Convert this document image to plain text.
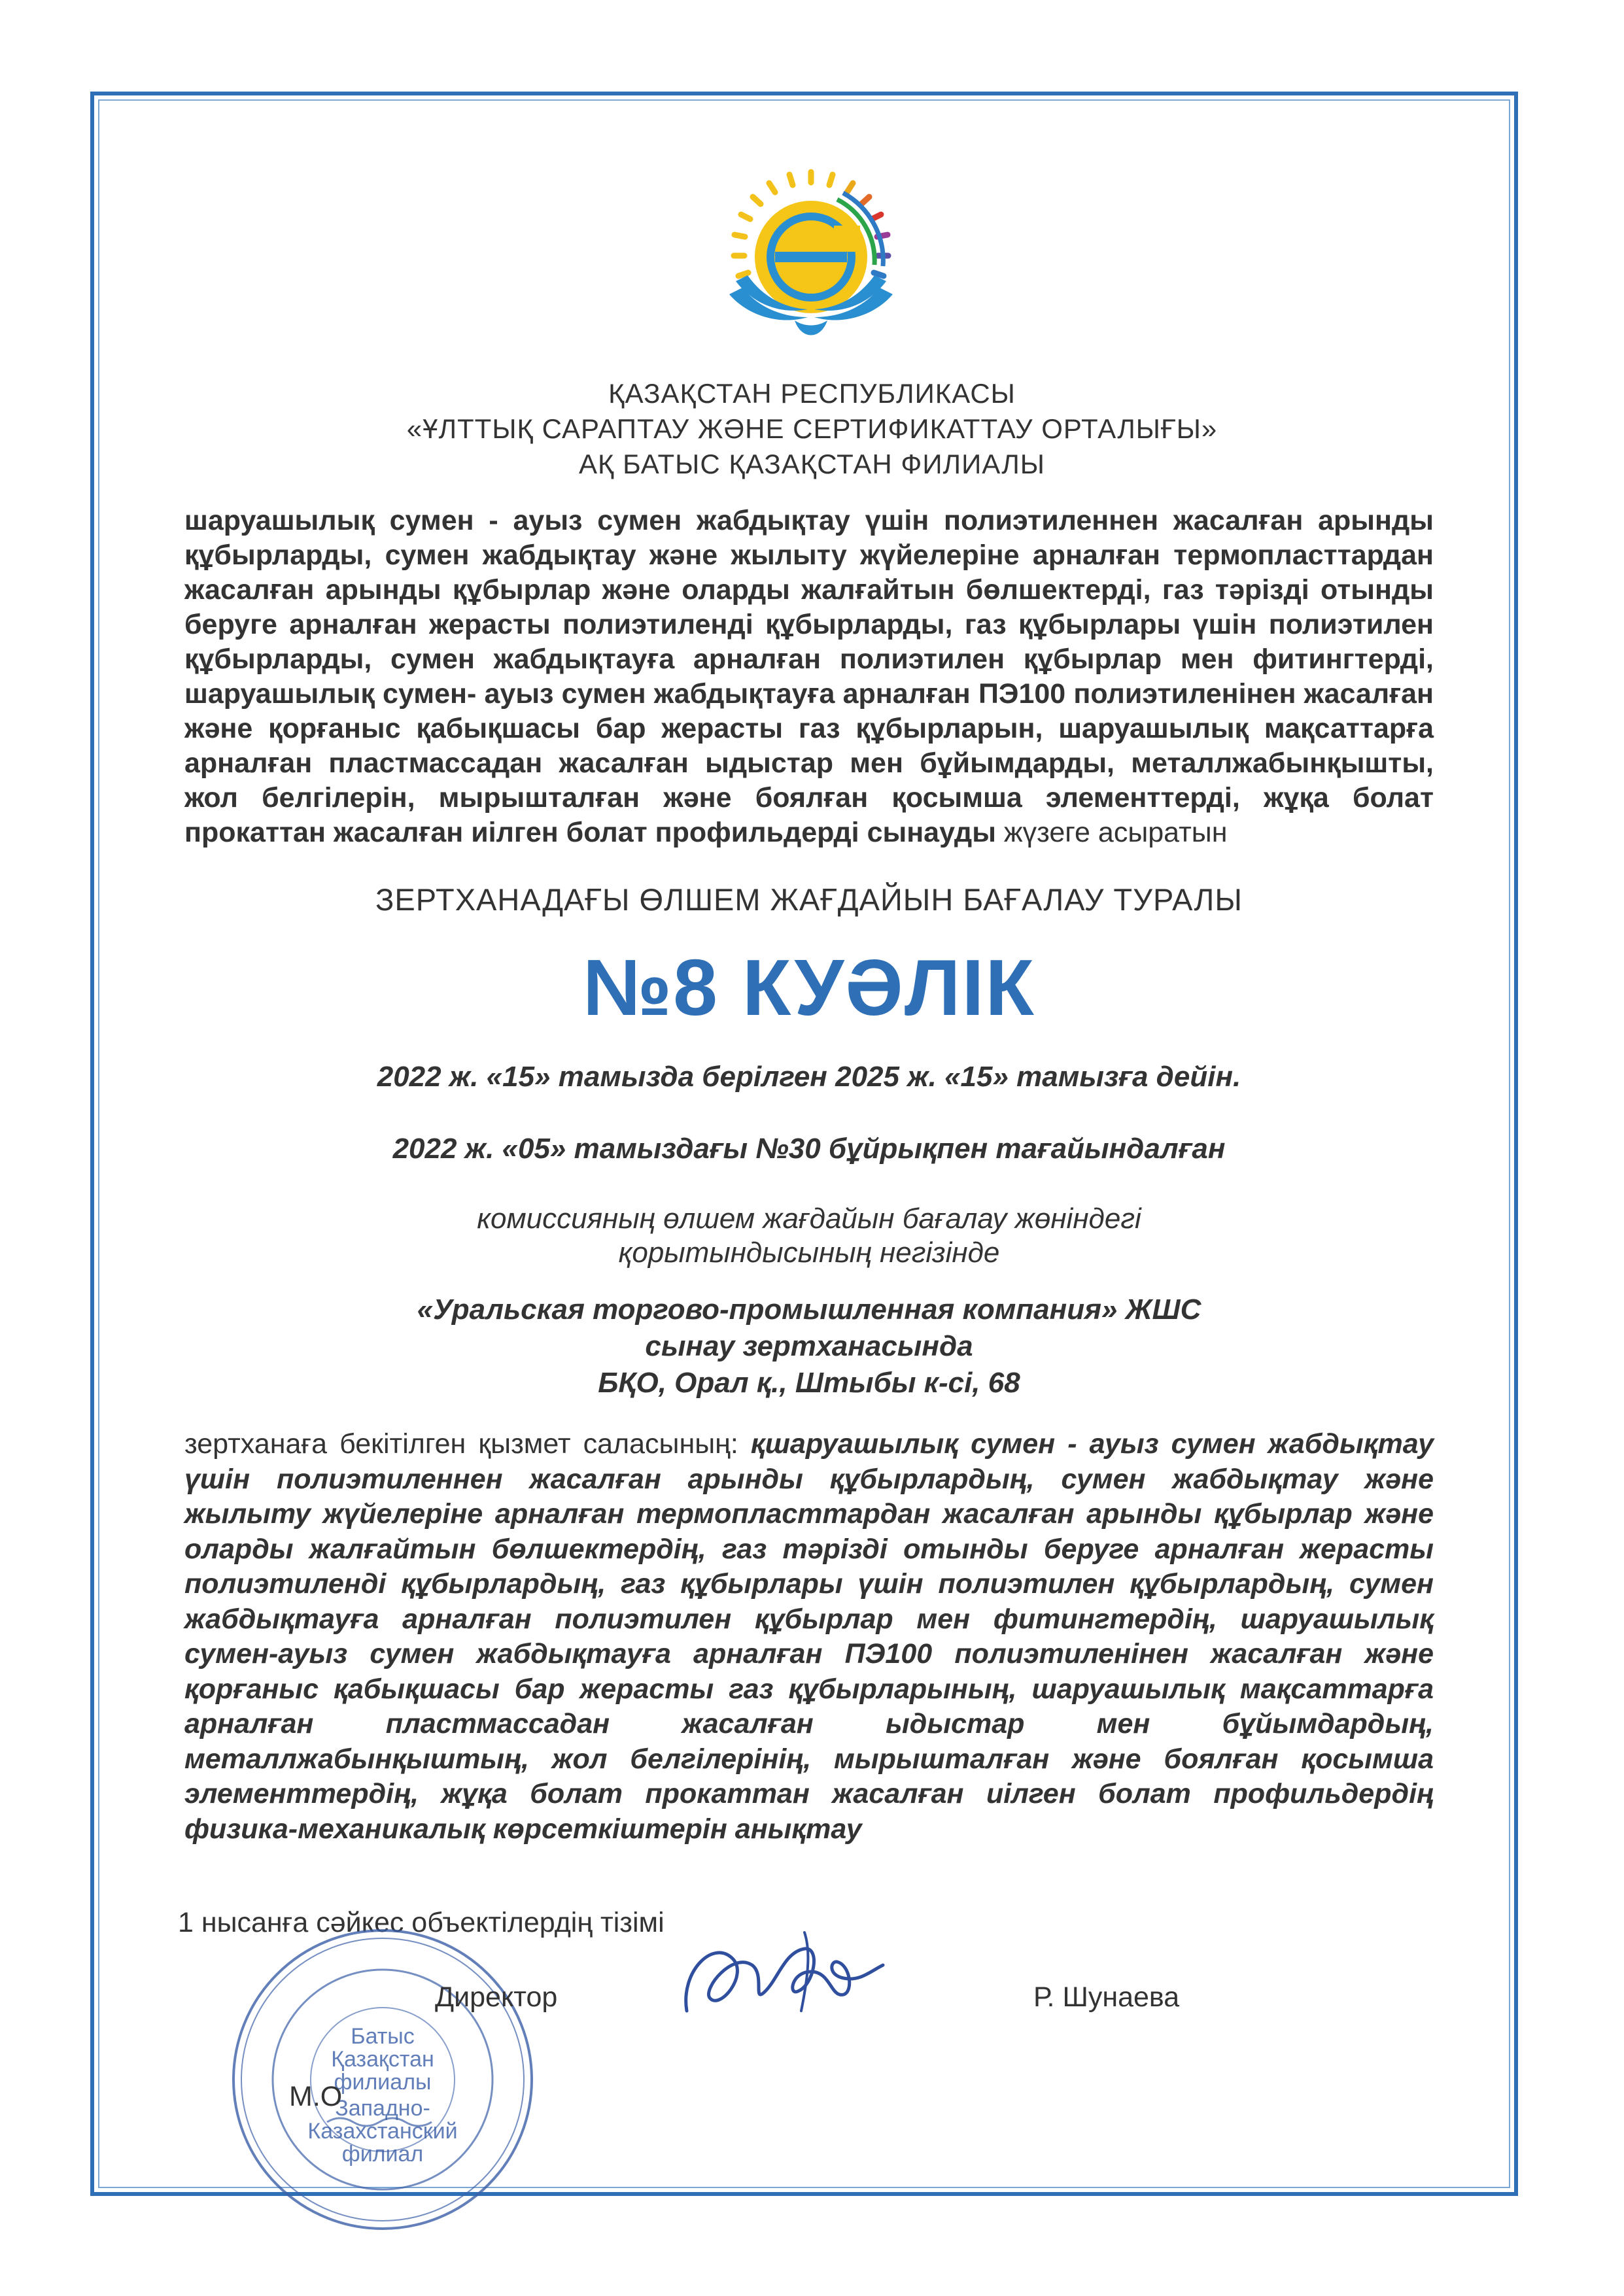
ҚАЗАҚСТАН РЕСПУБЛИКАСЫ
«ҰЛТТЫҚ САРАПТАУ ЖӘНЕ СЕРТИФИКАТТАУ ОРТАЛЫҒЫ»
АҚ БАТЫС ҚАЗАҚСТАН ФИЛИАЛЫ
шаруашылық сумен - ауыз сумен жабдықтау үшін полиэтиленнен жасалған арынды құбырларды, сумен жабдықтау және жылыту жүйелеріне арналған термопласттардан жасалған арынды құбырлар және оларды жалғайтын бөлшектерді, газ тәрізді отынды беруге арналған жерасты полиэтиленді құбырларды, газ құбырлары үшін полиэтилен құбырларды, сумен жабдықтауға арналған полиэтилен құбырлар мен фитингтерді, шаруашылық сумен- ауыз сумен жабдықтауға арналған ПЭ100 полиэтиленінен жасалған және қорғаныс қабықшасы бар жерасты газ құбырларын, шаруашылық мақсаттарға арналған пластмассадан жасалған ыдыстар мен бұйымдарды, металлжабынқышты, жол белгілерін, мырышталған және боялған қосымша элементтерді, жұқа болат прокаттан жасалған иілген болат профильдерді сынауды жүзеге асыратын
ЗЕРТХАНАДАҒЫ ӨЛШЕМ ЖАҒДАЙЫН БАҒАЛАУ ТУРАЛЫ
№8 КУӘЛІК
2022 ж. «15» тамызда берілген 2025 ж. «15» тамызға дейін.
2022 ж. «05» тамыздағы №30 бұйрықпен тағайындалған
комиссияның өлшем жағдайын бағалау жөніндегі
қорытындысының негізінде
«Уральская торгово-промышленная компания» ЖШС
сынау зертханасында
БҚО, Орал қ., Штыбы к-сі, 68
зертханаға бекітілген қызмет саласының: қшаруашылық сумен - ауыз сумен жабдықтау үшін полиэтиленнен жасалған арынды құбырлардың, сумен жабдықтау және жылыту жүйелеріне арналған термопласттардан жасалған арынды құбырлар және оларды жалғайтын бөлшектердің, газ тәрізді отынды беруге арналған жерасты полиэтиленді құбырлардың, газ құбырлары үшін полиэтилен құбырлардың, сумен жабдықтауға арналған полиэтилен құбырлар мен фитингтердің, шаруашылық сумен-ауыз сумен жабдықтауға арналған ПЭ100 полиэтиленінен жасалған және қорғаныс қабықшасы бар жерасты газ құбырларының, шаруашылық мақсаттарға арналған пластмассадан жасалған ыдыстар мен бұйымдардың, металлжабынқыштың, жол белгілерінің, мырышталған және боялған қосымша элементтердің, жұқа болат прокаттан жасалған иілген болат профильдердің физика-механикалық көрсеткіштерін анықтау
1 нысанға сәйкес объектілердің тізімі
Батыс
Қазақстан
филиалы
Западно-
Казахстанский
филиал
Директор	Р. Шунаева
М.О
